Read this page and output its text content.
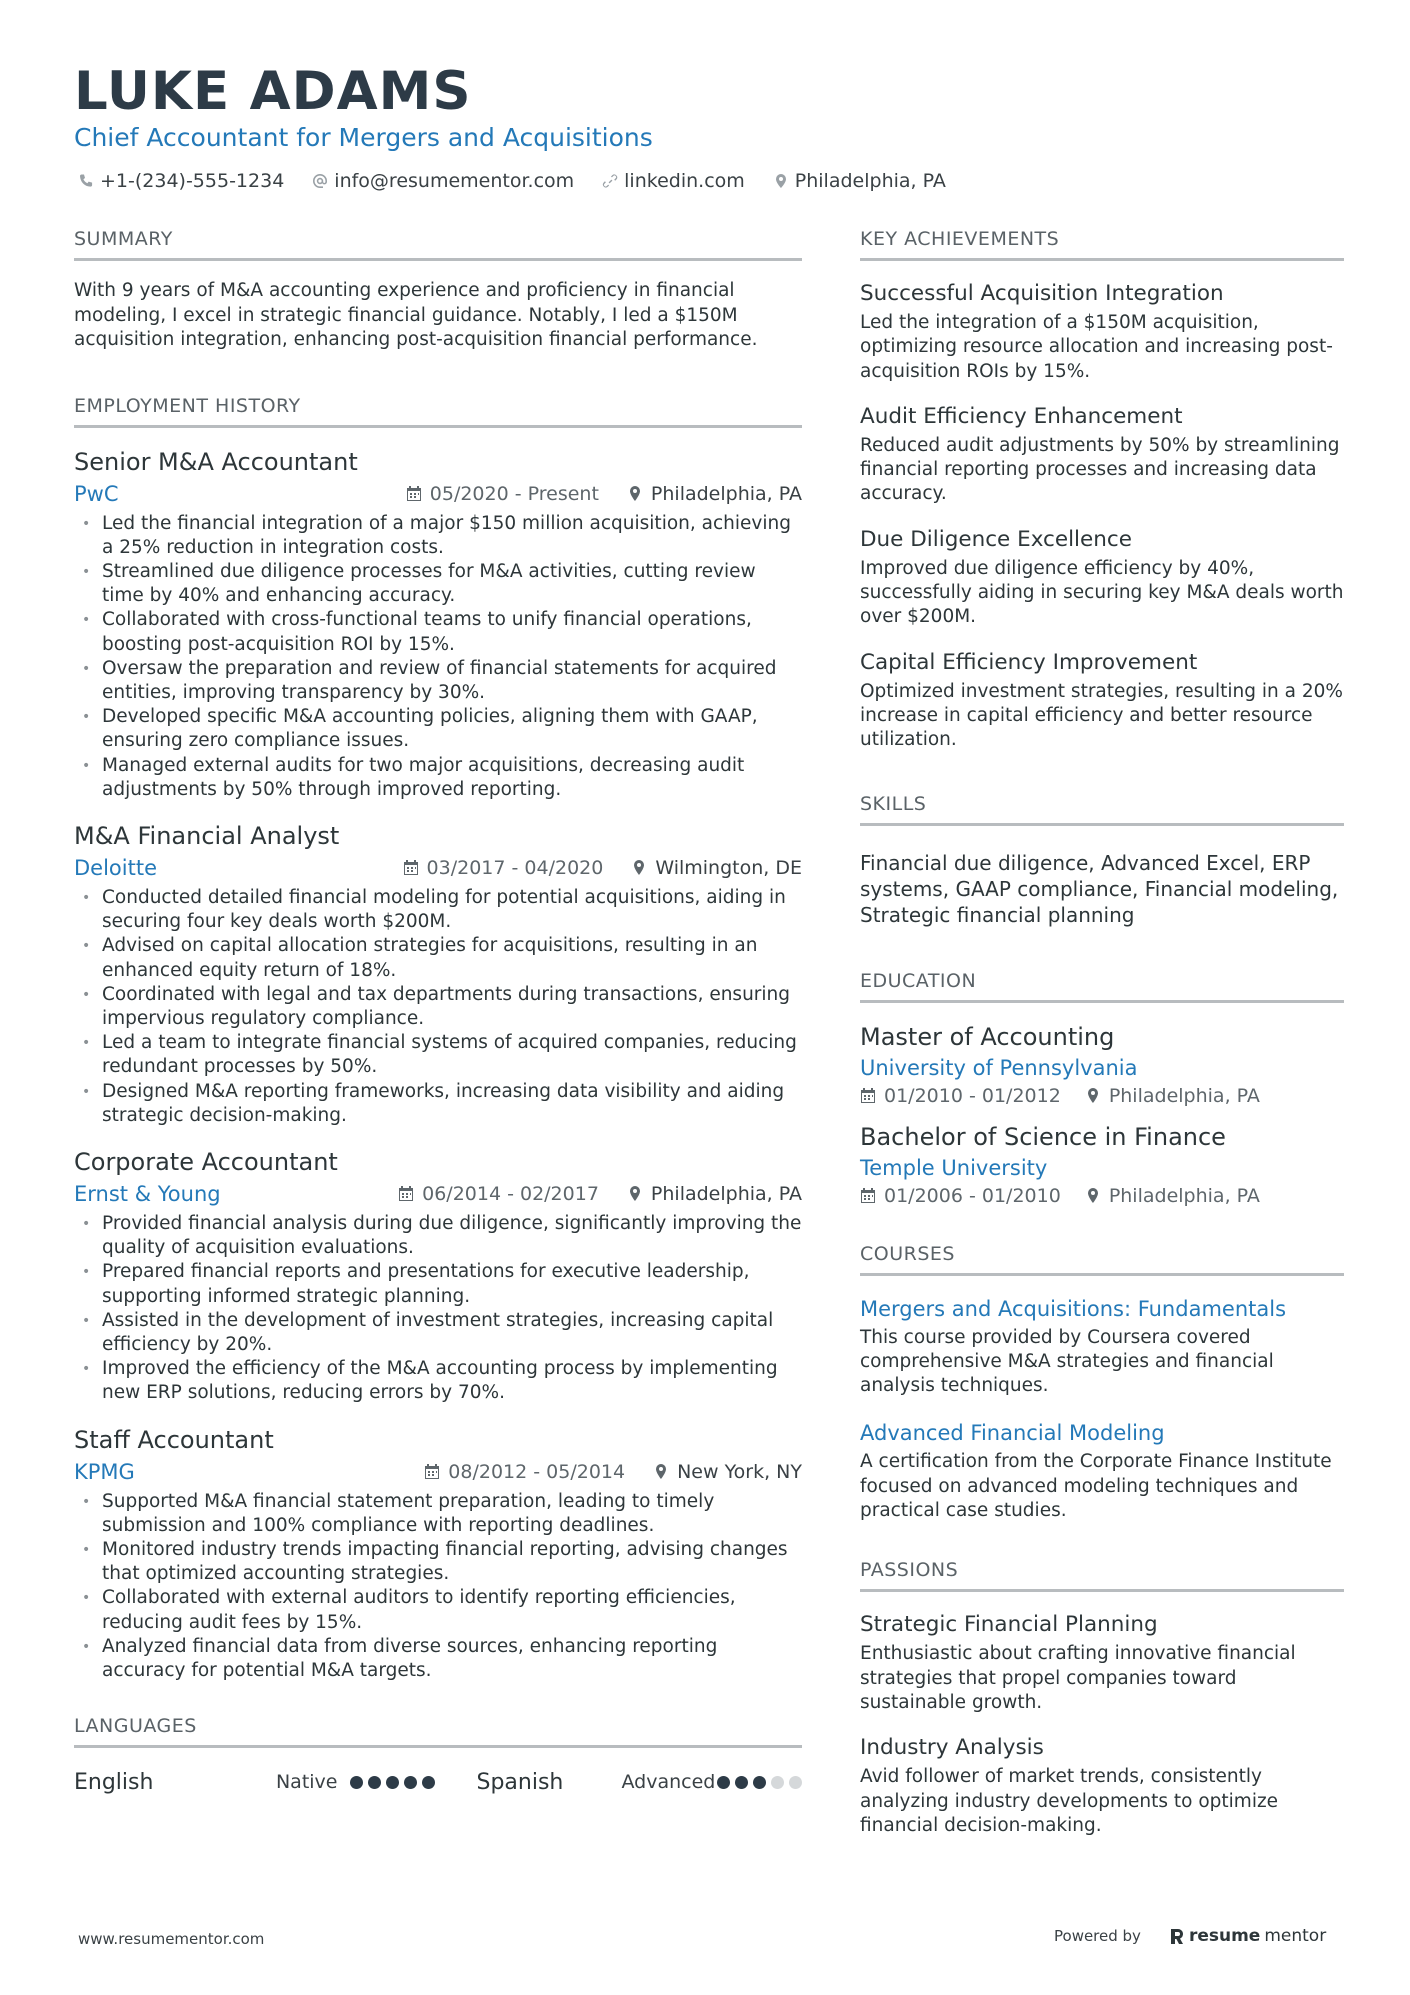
LUKE ADAMS
Chief Accountant for Mergers and Acquisitions
+1-(234)-555-1234	info@resumementor.com	linkedin.com	Philadelphia, PA
SUMMARY
With 9 years of M&A accounting experience and proficiency in financial modeling, I excel in strategic financial guidance. Notably, I led a $150M acquisition integration, enhancing post-acquisition financial performance.
EMPLOYMENT HISTORY
Senior M&A Accountant
PwC	05/2020 - Present	Philadelphia, PA
• Led the financial integration of a major $150 million acquisition, achieving a 25% reduction in integration costs.
• Streamlined due diligence processes for M&A activities, cutting review time by 40% and enhancing accuracy.
• Collaborated with cross-functional teams to unify financial operations, boosting post-acquisition ROI by 15%.
• Oversaw the preparation and review of financial statements for acquired entities, improving transparency by 30%.
• Developed specific M&A accounting policies, aligning them with GAAP, ensuring zero compliance issues.
• Managed external audits for two major acquisitions, decreasing audit adjustments by 50% through improved reporting.
M&A Financial Analyst
Deloitte	03/2017 - 04/2020	Wilmington, DE
• Conducted detailed financial modeling for potential acquisitions, aiding in securing four key deals worth $200M.
• Advised on capital allocation strategies for acquisitions, resulting in an enhanced equity return of 18%.
• Coordinated with legal and tax departments during transactions, ensuring impervious regulatory compliance.
• Led a team to integrate financial systems of acquired companies, reducing redundant processes by 50%.
• Designed M&A reporting frameworks, increasing data visibility and aiding strategic decision-making.
Corporate Accountant
Ernst & Young	06/2014 - 02/2017	Philadelphia, PA
• Provided financial analysis during due diligence, significantly improving the quality of acquisition evaluations.
• Prepared financial reports and presentations for executive leadership, supporting informed strategic planning.
• Assisted in the development of investment strategies, increasing capital efficiency by 20%.
• Improved the efficiency of the M&A accounting process by implementing new ERP solutions, reducing errors by 70%.
Staff Accountant
KPMG	08/2012 - 05/2014	New York, NY
• Supported M&A financial statement preparation, leading to timely submission and 100% compliance with reporting deadlines.
• Monitored industry trends impacting financial reporting, advising changes that optimized accounting strategies.
• Collaborated with external auditors to identify reporting efficiencies, reducing audit fees by 15%.
• Analyzed financial data from diverse sources, enhancing reporting accuracy for potential M&A targets.
LANGUAGES
English	Native	Spanish	Advanced
KEY ACHIEVEMENTS
Successful Acquisition Integration
Led the integration of a $150M acquisition, optimizing resource allocation and increasing post-acquisition ROIs by 15%.
Audit Efficiency Enhancement
Reduced audit adjustments by 50% by streamlining financial reporting processes and increasing data accuracy.
Due Diligence Excellence
Improved due diligence efficiency by 40%, successfully aiding in securing key M&A deals worth over $200M.
Capital Efficiency Improvement
Optimized investment strategies, resulting in a 20% increase in capital efficiency and better resource utilization.
SKILLS
Financial due diligence, Advanced Excel, ERP systems, GAAP compliance, Financial modeling, Strategic financial planning
EDUCATION
Master of Accounting
University of Pennsylvania
01/2010 - 01/2012	Philadelphia, PA
Bachelor of Science in Finance
Temple University
01/2006 - 01/2010	Philadelphia, PA
COURSES
Mergers and Acquisitions: Fundamentals
This course provided by Coursera covered comprehensive M&A strategies and financial analysis techniques.
Advanced Financial Modeling
A certification from the Corporate Finance Institute focused on advanced modeling techniques and practical case studies.
PASSIONS
Strategic Financial Planning
Enthusiastic about crafting innovative financial strategies that propel companies toward sustainable growth.
Industry Analysis
Avid follower of market trends, consistently analyzing industry developments to optimize financial decision-making.
www.resumementor.com	Powered by	resume mentor
